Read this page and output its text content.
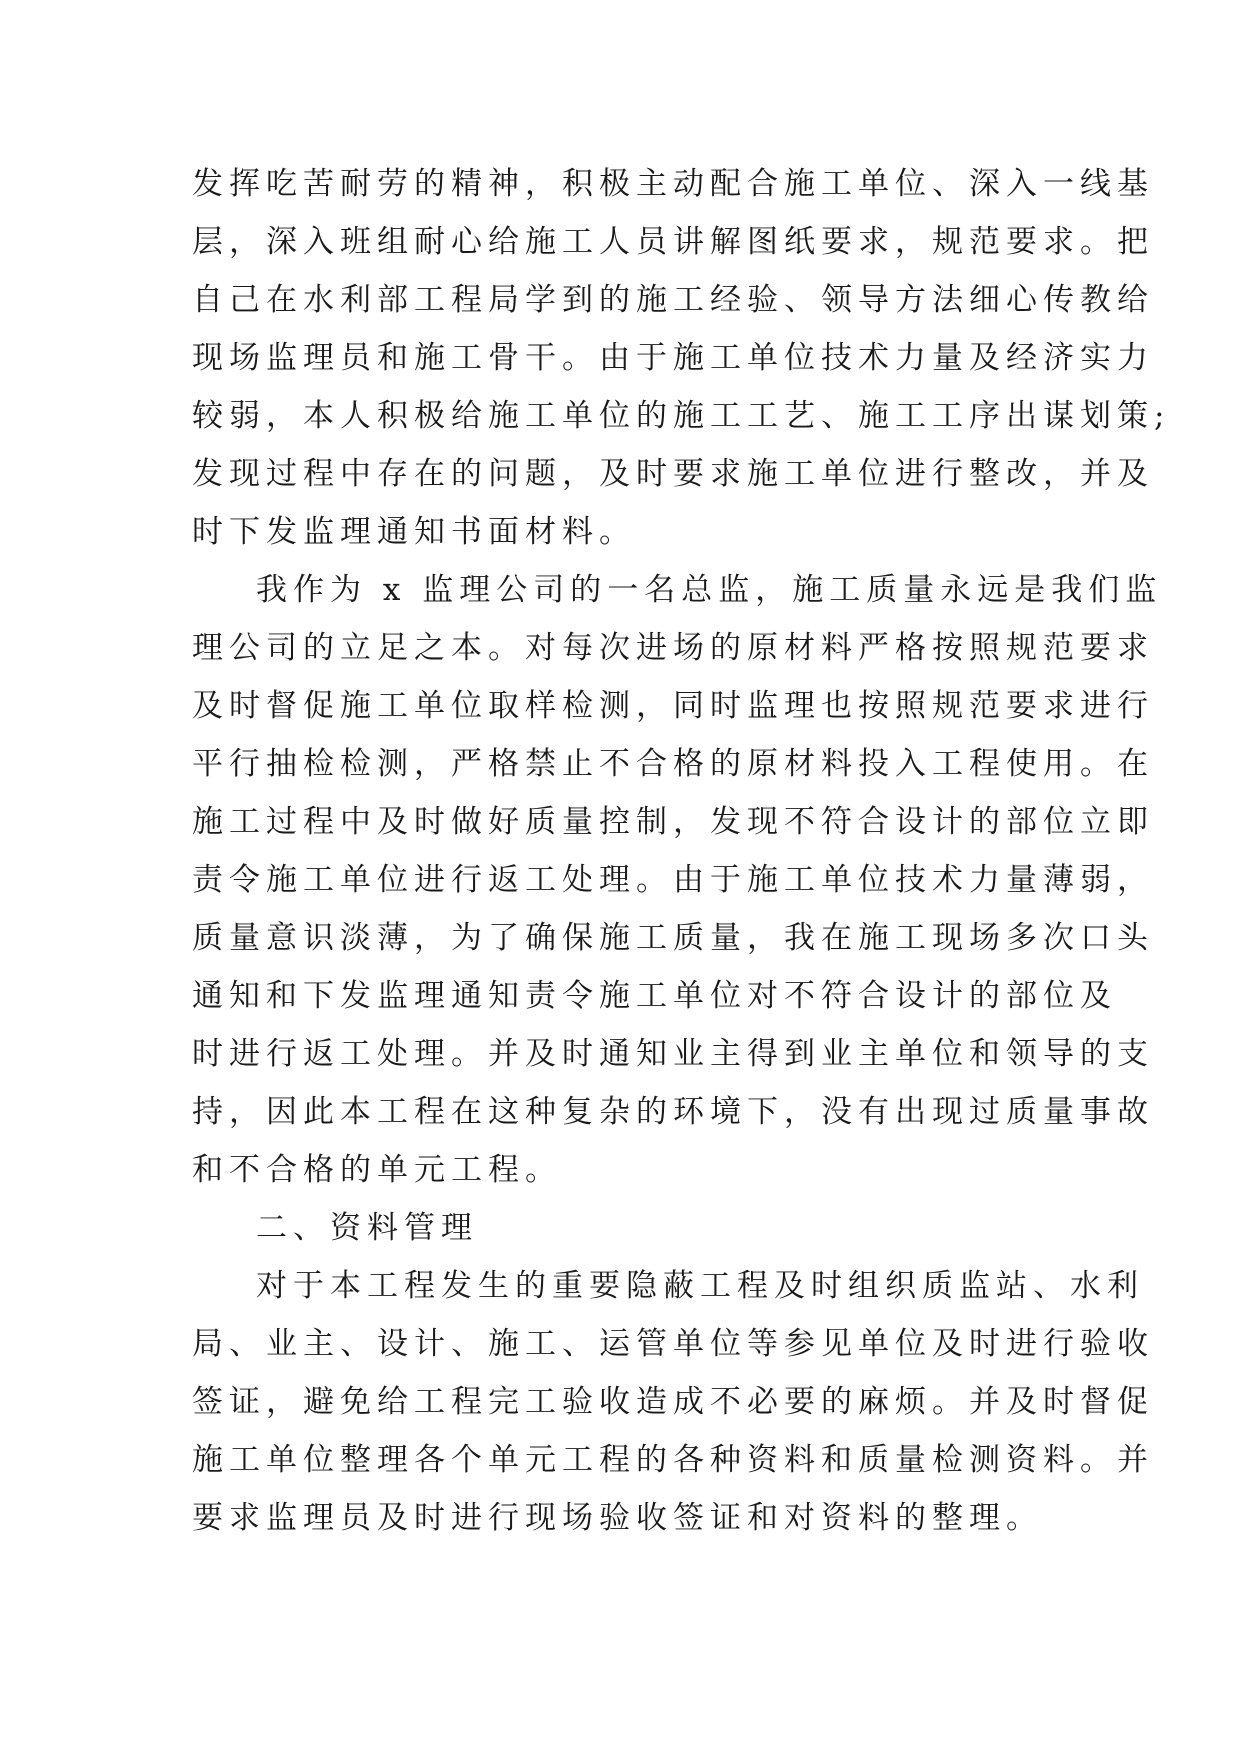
发挥吃苦耐劳的精神，积极主动配合施工单位、深入一线基
层，深入班组耐心给施工人员讲解图纸要求，规范要求。把
自己在水利部工程局学到的施工经验、领导方法细心传教给
现场监理员和施工骨干。由于施工单位技术力量及经济实力
较弱，本人积极给施工单位的施工工艺、施工工序出谋划策;
发现过程中存在的问题，及时要求施工单位进行整改，并及
时下发监理通知书面材料。

我作为 x 监理公司的一名总监，施工质量永远是我们监
理公司的立足之本。对每次进场的原材料严格按照规范要求
及时督促施工单位取样检测，同时监理也按照规范要求进行
平行抽检检测，严格禁止不合格的原材料投入工程使用。在
施工过程中及时做好质量控制，发现不符合设计的部位立即
责令施工单位进行返工处理。由于施工单位技术力量薄弱，
质量意识淡薄，为了确保施工质量，我在施工现场多次口头
通知和下发监理通知责令施工单位对不符合设计的部位及
时进行返工处理。并及时通知业主得到业主单位和领导的支
持，因此本工程在这种复杂的环境下，没有出现过质量事故
和不合格的单元工程。

二、资料管理

对于本工程发生的重要隐蔽工程及时组织质监站、水利
局、业主、设计、施工、运管单位等参见单位及时进行验收
签证，避免给工程完工验收造成不必要的麻烦。并及时督促
施工单位整理各个单元工程的各种资料和质量检测资料。并
要求监理员及时进行现场验收签证和对资料的整理。
